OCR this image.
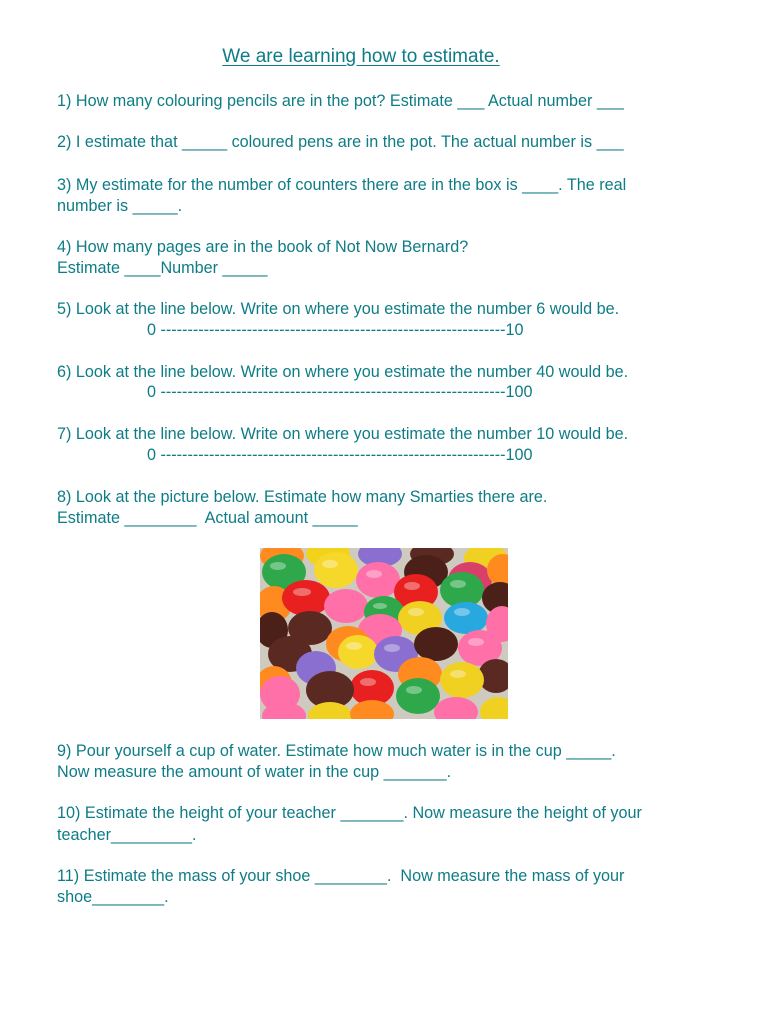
We are learning how to estimate.
1) How many colouring pencils are in the pot? Estimate ___ Actual number ___
2) I estimate that _____ coloured pens are in the pot. The actual number is ___
3) My estimate for the number of counters there are in the box is ____. The real
number is _____.
4) How many pages are in the book of Not Now Bernard?
Estimate ____Number _____
5) Look at the line below. Write on where you estimate the number 6 would be.
0 ----------------------------------------------------------------10
6) Look at the line below. Write on where you estimate the number 40 would be.
0 ----------------------------------------------------------------100
7) Look at the line below. Write on where you estimate the number 10 would be.
0 ----------------------------------------------------------------100
8) Look at the picture below. Estimate how many Smarties there are.
Estimate ________  Actual amount _____
9) Pour yourself a cup of water. Estimate how much water is in the cup _____.
Now measure the amount of water in the cup _______.
10) Estimate the height of your teacher _______. Now measure the height of your
teacher_________.
11) Estimate the mass of your shoe ________.  Now measure the mass of your
shoe________.
